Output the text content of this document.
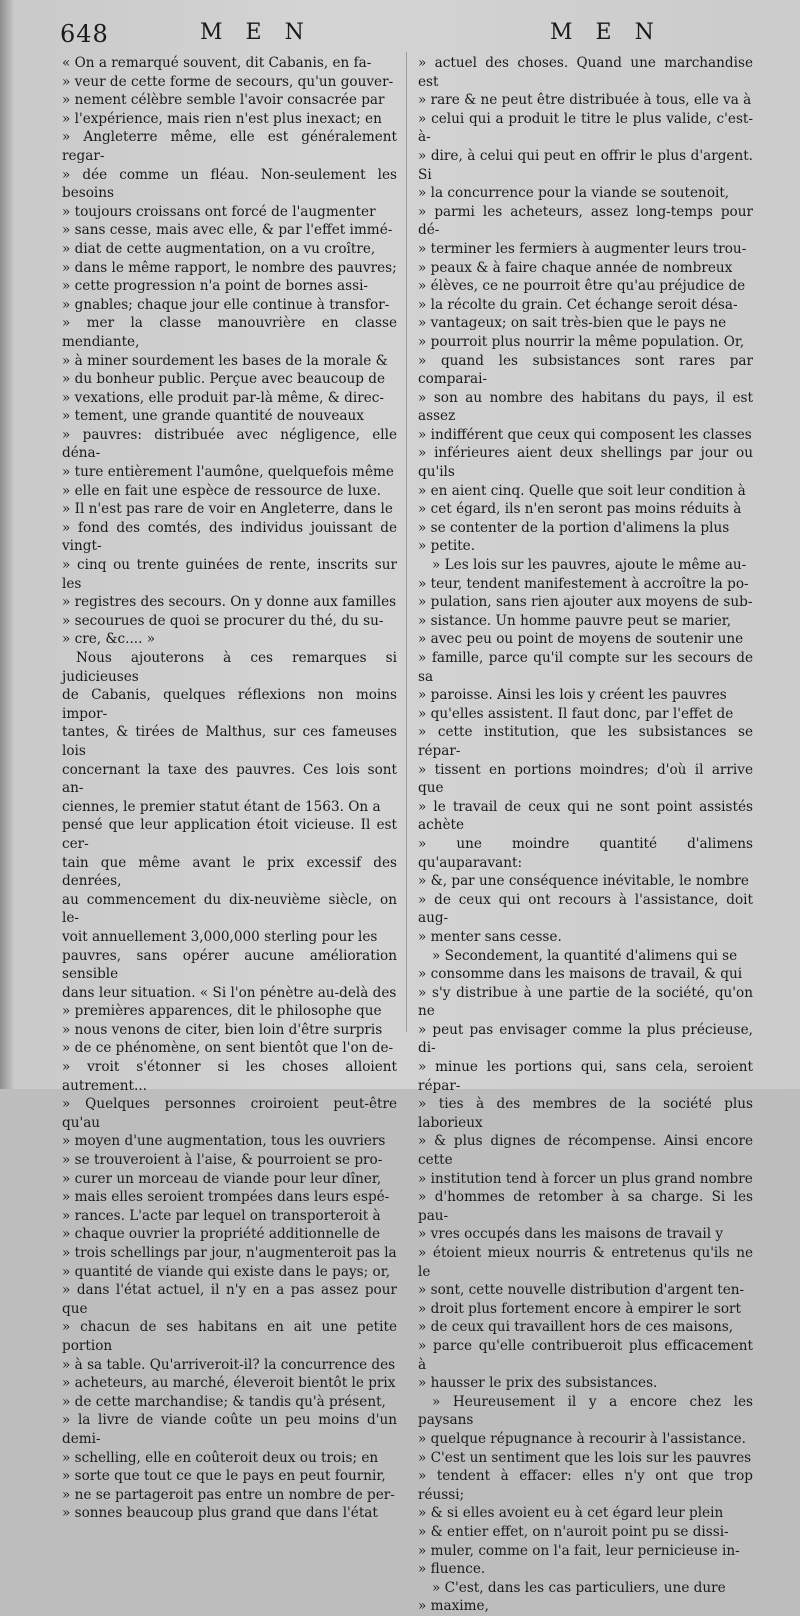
648	M E N	M E N

« On a remarqué souvent, dit Cabanis, en fa-
» veur de cette forme de secours, qu'un gouver-
» nement célèbre semble l'avoir consacrée par
» l'expérience, mais rien n'est plus inexact; en
» Angleterre même, elle est généralement regar-
» dée comme un fléau. Non-seulement les besoins
» toujours croissans ont forcé de l'augmenter
» sans cesse, mais avec elle, & par l'effet immé-
» diat de cette augmentation, on a vu croître,
» dans le même rapport, le nombre des pauvres;
» cette progression n'a point de bornes assi-
» gnables; chaque jour elle continue à transfor-
» mer la classe manouvrière en classe mendiante,
» à miner sourdement les bases de la morale &
» du bonheur public. Perçue avec beaucoup de
» vexations, elle produit par-là même, & direc-
» tement, une grande quantité de nouveaux
» pauvres: distribuée avec négligence, elle déna-
» ture entièrement l'aumône, quelquefois même
» elle en fait une espèce de ressource de luxe.
» Il n'est pas rare de voir en Angleterre, dans le
» fond des comtés, des individus jouissant de vingt-
» cinq ou trente guinées de rente, inscrits sur les
» registres des secours. On y donne aux familles
» secourues de quoi se procurer du thé, du su-
» cre, &c.... »

Nous ajouterons à ces remarques si judicieuses
de Cabanis, quelques réflexions non moins impor-
tantes, & tirées de Malthus, sur ces fameuses lois
concernant la taxe des pauvres. Ces lois sont an-
ciennes, le premier statut étant de 1563. On a
pensé que leur application étoit vicieuse. Il est cer-
tain que même avant le prix excessif des denrées,
au commencement du dix-neuvième siècle, on le-
voit annuellement 3,000,000 sterling pour les
pauvres, sans opérer aucune amélioration sensible
dans leur situation. « Si l'on pénètre au-delà des
» premières apparences, dit le philosophe que
» nous venons de citer, bien loin d'être surpris
» de ce phénomène, on sent bientôt que l'on de-
» vroit s'étonner si les choses alloient autrement...
» Quelques personnes croiroient peut-être qu'au
» moyen d'une augmentation, tous les ouvriers
» se trouveroient à l'aise, & pourroient se pro-
» curer un morceau de viande pour leur dîner,
» mais elles seroient trompées dans leurs espé-
» rances. L'acte par lequel on transporteroit à
» chaque ouvrier la propriété additionnelle de
» trois schellings par jour, n'augmenteroit pas la
» quantité de viande qui existe dans le pays; or,
» dans l'état actuel, il n'y en a pas assez pour que
» chacun de ses habitans en ait une petite portion
» à sa table. Qu'arriveroit-il? la concurrence des
» acheteurs, au marché, éleveroit bientôt le prix
» de cette marchandise; & tandis qu'à présent,
» la livre de viande coûte un peu moins d'un demi-
» schelling, elle en coûteroit deux ou trois; en
» sorte que tout ce que le pays en peut fournir,
» ne se partageroit pas entre un nombre de per-
» sonnes beaucoup plus grand que dans l'état

» actuel des choses. Quand une marchandise est
» rare & ne peut être distribuée à tous, elle va à
» celui qui a produit le titre le plus valide, c'est-à-
» dire, à celui qui peut en offrir le plus d'argent. Si
» la concurrence pour la viande se soutenoit,
» parmi les acheteurs, assez long-temps pour dé-
» terminer les fermiers à augmenter leurs trou-
» peaux & à faire chaque année de nombreux
» élèves, ce ne pourroit être qu'au préjudice de
» la récolte du grain. Cet échange seroit désa-
» vantageux; on sait très-bien que le pays ne
» pourroit plus nourrir la même population. Or,
» quand les subsistances sont rares par comparai-
» son au nombre des habitans du pays, il est assez
» indifférent que ceux qui composent les classes
» inférieures aient deux shellings par jour ou qu'ils
» en aient cinq. Quelle que soit leur condition à
» cet égard, ils n'en seront pas moins réduits à
» se contenter de la portion d'alimens la plus
» petite.

» Les lois sur les pauvres, ajoute le même au-
» teur, tendent manifestement à accroître la po-
» pulation, sans rien ajouter aux moyens de sub-
» sistance. Un homme pauvre peut se marier,
» avec peu ou point de moyens de soutenir une
» famille, parce qu'il compte sur les secours de sa
» paroisse. Ainsi les lois y créent les pauvres
» qu'elles assistent. Il faut donc, par l'effet de
» cette institution, que les subsistances se répar-
» tissent en portions moindres; d'où il arrive que
» le travail de ceux qui ne sont point assistés achète
» une moindre quantité d'alimens qu'auparavant:
» &, par une conséquence inévitable, le nombre
» de ceux qui ont recours à l'assistance, doit aug-
» menter sans cesse.

» Secondement, la quantité d'alimens qui se
» consomme dans les maisons de travail, & qui
» s'y distribue à une partie de la société, qu'on ne
» peut pas envisager comme la plus précieuse, di-
» minue les portions qui, sans cela, seroient répar-
» ties à des membres de la société plus laborieux
» & plus dignes de récompense. Ainsi encore cette
» institution tend à forcer un plus grand nombre
» d'hommes de retomber à sa charge. Si les pau-
» vres occupés dans les maisons de travail y
» étoient mieux nourris & entretenus qu'ils ne le
» sont, cette nouvelle distribution d'argent ten-
» droit plus fortement encore à empirer le sort
» de ceux qui travaillent hors de ces maisons,
» parce qu'elle contribueroit plus efficacement à
» hausser le prix des subsistances.

» Heureusement il y a encore chez les paysans
» quelque répugnance à recourir à l'assistance.
» C'est un sentiment que les lois sur les pauvres
» tendent à effacer: elles n'y ont que trop réussi;
» & si elles avoient eu à cet égard leur plein
» & entier effet, on n'auroit point pu se dissi-
» muler, comme on l'a fait, leur pernicieuse in-
» fluence.

» C'est, dans les cas particuliers, une dure
» maxime,
